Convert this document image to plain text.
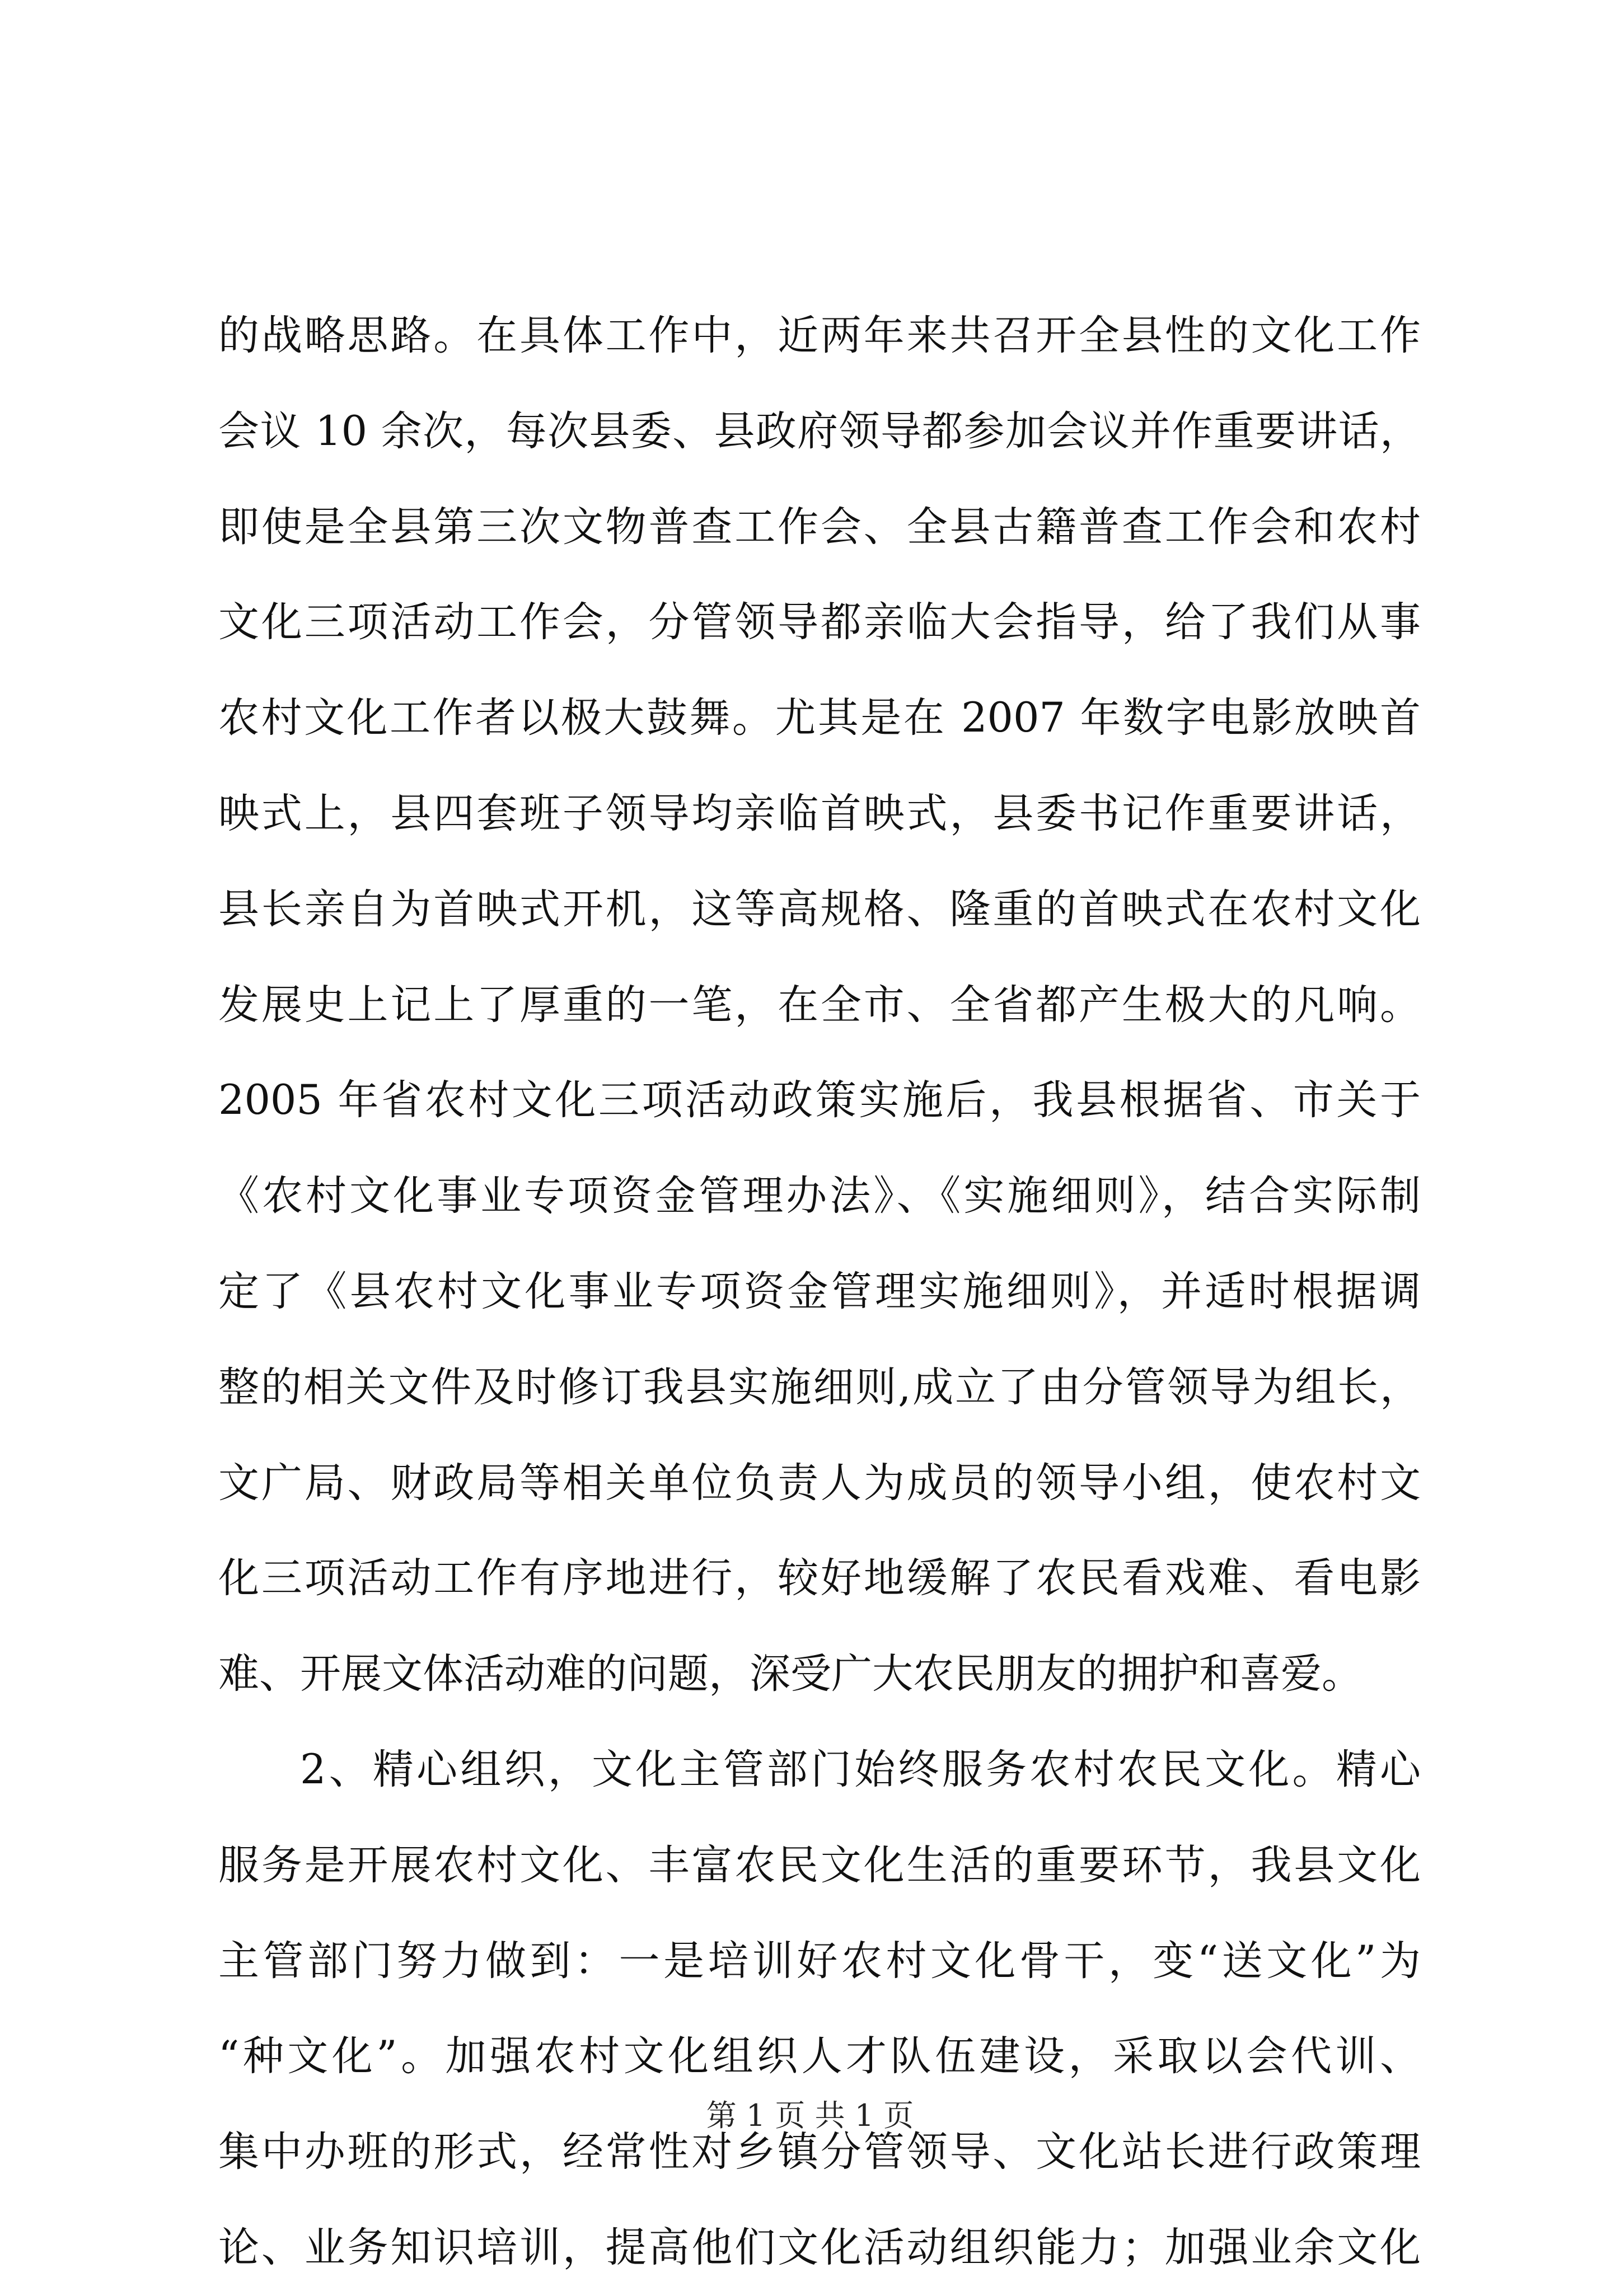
的战略思路。在具体工作中，近两年来共召开全县性的文化工作
会议 10 余次，每次县委、县政府领导都参加会议并作重要讲话，
即使是全县第三次文物普查工作会、全县古籍普查工作会和农村
文化三项活动工作会，分管领导都亲临大会指导，给了我们从事
农村文化工作者以极大鼓舞。尤其是在 2007 年数字电影放映首
映式上，县四套班子领导均亲临首映式，县委书记作重要讲话，
县长亲自为首映式开机，这等高规格、隆重的首映式在农村文化
发展史上记上了厚重的一笔，在全市、全省都产生极大的凡响。
2005 年省农村文化三项活动政策实施后，我县根据省、市关于
《农村文化事业专项资金管理办法》、《实施细则》，结合实际制
定了《县农村文化事业专项资金管理实施细则》，并适时根据调
整的相关文件及时修订我县实施细则,成立了由分管领导为组长，
文广局、财政局等相关单位负责人为成员的领导小组，使农村文
化三项活动工作有序地进行，较好地缓解了农民看戏难、看电影
难、开展文体活动难的问题，深受广大农民朋友的拥护和喜爱。
2、精心组织，文化主管部门始终服务农村农民文化。精心
服务是开展农村文化、丰富农民文化生活的重要环节，我县文化
主管部门努力做到：一是培训好农村文化骨干，变“送文化”为
“种文化”。加强农村文化组织人才队伍建设，采取以会代训、
集中办班的形式，经常性对乡镇分管领导、文化站长进行政策理
论、业务知识培训，提高他们文化活动组织能力；加强业余文化
第 1 页 共 1 页
